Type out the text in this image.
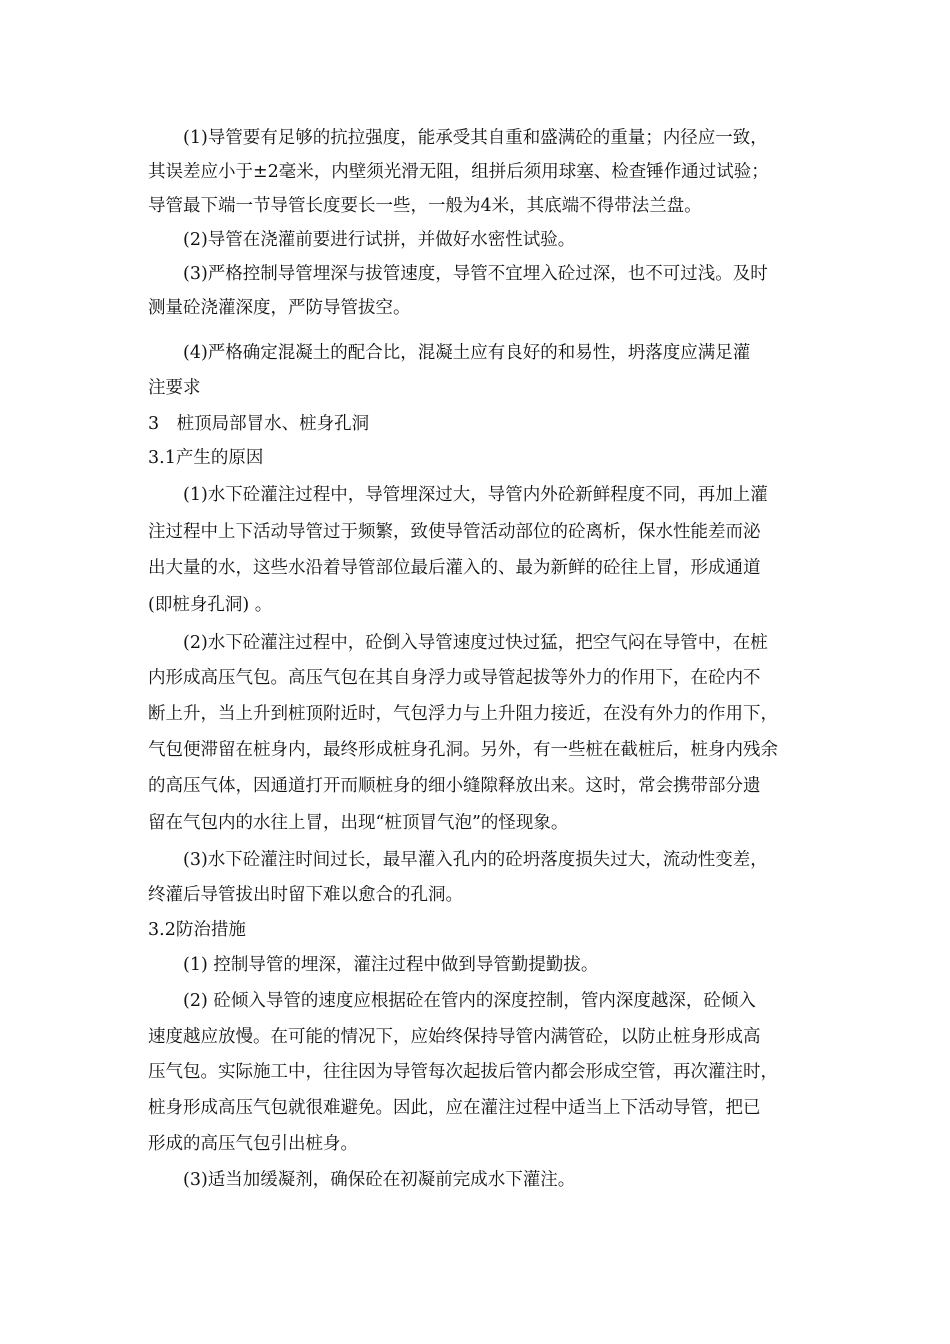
(1)导管要有足够的抗拉强度，能承受其自重和盛满砼的重量；内径应一致，
其误差应小于±2毫米，内壁须光滑无阻，组拼后须用球塞、检查锤作通过试验；
导管最下端一节导管长度要长一些，一般为4米，其底端不得带法兰盘。
(2)导管在浇灌前要进行试拼，并做好水密性试验。
(3)严格控制导管埋深与拔管速度，导管不宜埋入砼过深，也不可过浅。及时
测量砼浇灌深度，严防导管拔空。
(4)严格确定混凝土的配合比，混凝土应有良好的和易性，坍落度应满足灌
注要求
3　桩顶局部冒水、桩身孔洞
3.1产生的原因
(1)水下砼灌注过程中，导管埋深过大，导管内外砼新鲜程度不同，再加上灌
注过程中上下活动导管过于频繁，致使导管活动部位的砼离析，保水性能差而泌
出大量的水，这些水沿着导管部位最后灌入的、最为新鲜的砼往上冒，形成通道
(即桩身孔洞) 。
(2)水下砼灌注过程中，砼倒入导管速度过快过猛，把空气闷在导管中，在桩
内形成高压气包。高压气包在其自身浮力或导管起拔等外力的作用下，在砼内不
断上升，当上升到桩顶附近时，气包浮力与上升阻力接近，在没有外力的作用下，
气包便滞留在桩身内，最终形成桩身孔洞。另外，有一些桩在截桩后，桩身内残余
的高压气体，因通道打开而顺桩身的细小缝隙释放出来。这时，常会携带部分遗
留在气包内的水往上冒，出现“桩顶冒气泡”的怪现象。
(3)水下砼灌注时间过长，最早灌入孔内的砼坍落度损失过大，流动性变差，
终灌后导管拔出时留下难以愈合的孔洞。
3.2防治措施
(1) 控制导管的埋深，灌注过程中做到导管勤提勤拔。
(2) 砼倾入导管的速度应根据砼在管内的深度控制，管内深度越深，砼倾入
速度越应放慢。在可能的情况下，应始终保持导管内满管砼，以防止桩身形成高
压气包。实际施工中，往往因为导管每次起拔后管内都会形成空管，再次灌注时，
桩身形成高压气包就很难避免。因此，应在灌注过程中适当上下活动导管，把已
形成的高压气包引出桩身。
(3)适当加缓凝剂，确保砼在初凝前完成水下灌注。
